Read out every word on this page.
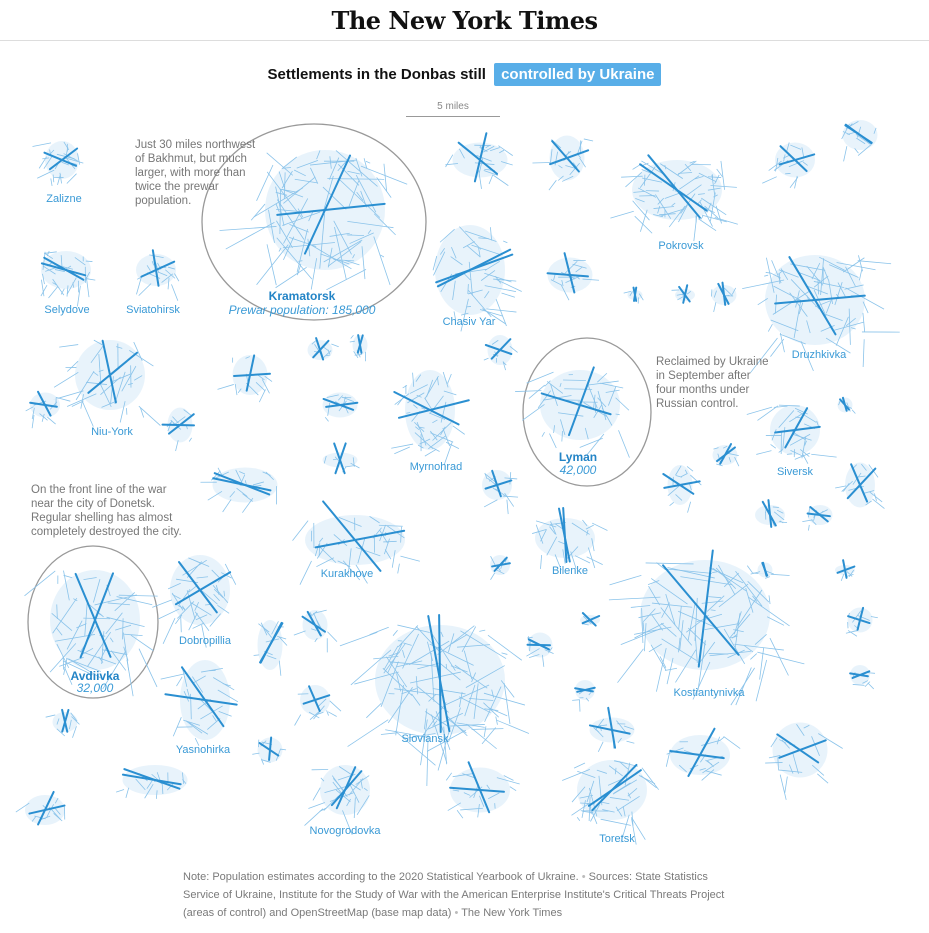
The New York Times
Settlements in the Donbas still controlled by Ukraine
5 miles
Zalizne
Selydove	Sviatohirsk
Kramatorsk
Prewar population: 185,000
Chasiv Yar
Pokrovsk
Druzhkivka
Niu-York
Myrnohrad
Lyman
42,000	Siversk
Kurakhove	Bilenke
Avdiivka
32,000
Dobropillia
Kostiantynivka
Yasnohirka
Sloviansk
Novogrodovka
Toretsk
Just 30 miles northwest
of Bakhmut, but much
larger, with more than
twice the prewar
population.
Reclaimed by Ukraine
in September after
four months under
Russian control.
On the front line of the war
near the city of Donetsk.
Regular shelling has almost
completely destroyed the city.
Note: Population estimates according to the 2020 Statistical Yearbook of Ukraine. • Sources: State Statistics Service of Ukraine, Institute for the Study of War with the American Enterprise Institute's Critical Threats Project (areas of control) and OpenStreetMap (base map data) • The New York Times
